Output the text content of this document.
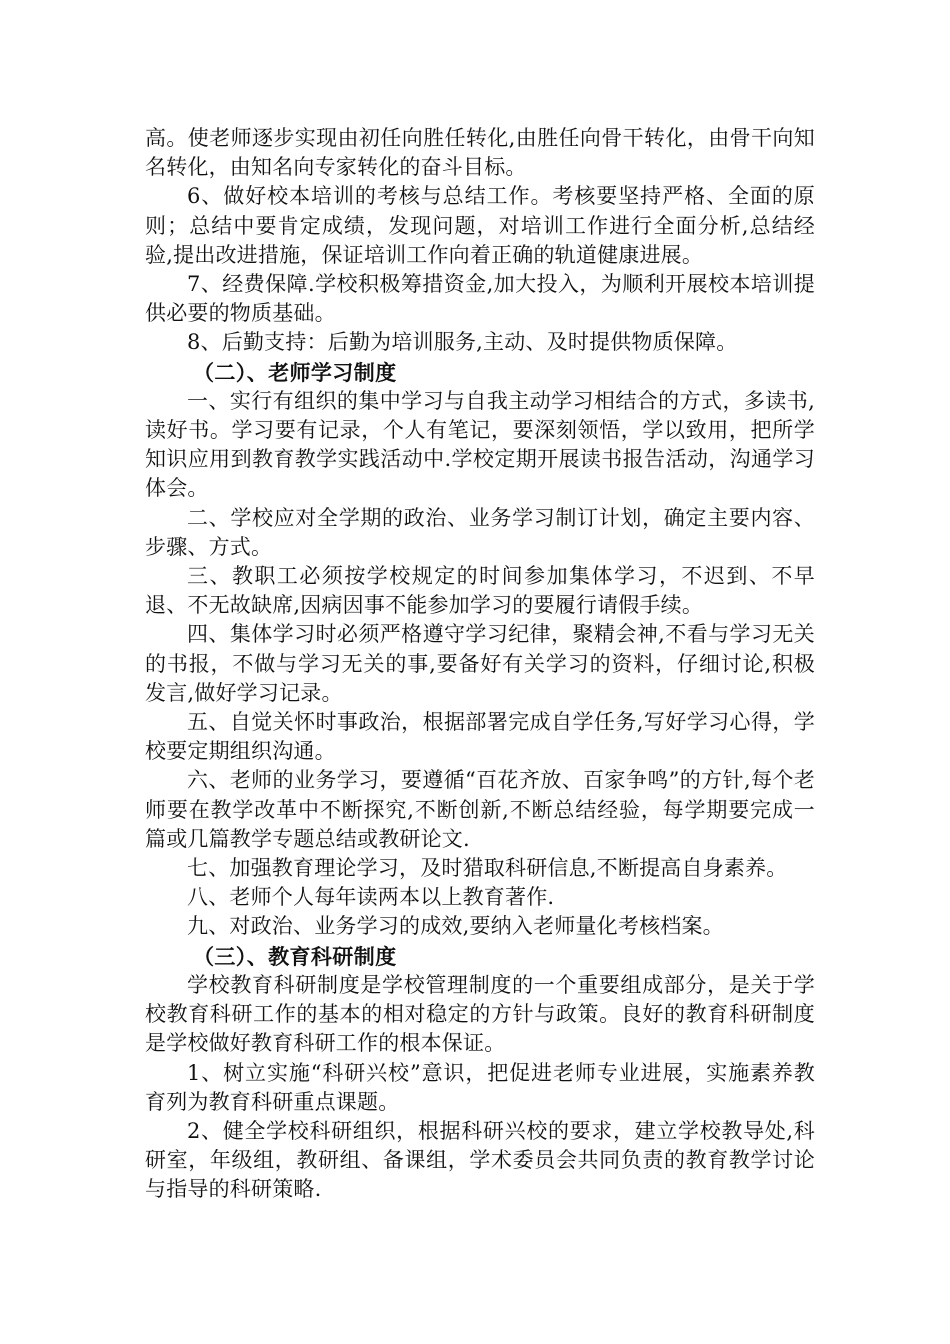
高。使老师逐步实现由初任向胜任转化,由胜任向骨干转化，由骨干向知名转化，由知名向专家转化的奋斗目标。

6、做好校本培训的考核与总结工作。考核要坚持严格、全面的原则；总结中要肯定成绩，发现问题，对培训工作进行全面分析,总结经验,提出改进措施，保证培训工作向着正确的轨道健康进展。

7、经费保障.学校积极筹措资金,加大投入，为顺利开展校本培训提供必要的物质基础。

8、后勤支持：后勤为培训服务,主动、及时提供物质保障。

（二）、老师学习制度

一、实行有组织的集中学习与自我主动学习相结合的方式，多读书,读好书。学习要有记录，个人有笔记，要深刻领悟，学以致用，把所学知识应用到教育教学实践活动中.学校定期开展读书报告活动，沟通学习体会。

二、学校应对全学期的政治、业务学习制订计划，确定主要内容、步骤、方式。

三、教职工必须按学校规定的时间参加集体学习，不迟到、不早退、不无故缺席,因病因事不能参加学习的要履行请假手续。

四、集体学习时必须严格遵守学习纪律，聚精会神,不看与学习无关的书报，不做与学习无关的事,要备好有关学习的资料，仔细讨论,积极发言,做好学习记录。

五、自觉关怀时事政治，根据部署完成自学任务,写好学习心得，学校要定期组织沟通。

六、老师的业务学习，要遵循“百花齐放、百家争鸣”的方针,每个老师要在教学改革中不断探究,不断创新,不断总结经验，每学期要完成一篇或几篇教学专题总结或教研论文.

七、加强教育理论学习，及时猎取科研信息,不断提高自身素养。

八、老师个人每年读两本以上教育著作.

九、对政治、业务学习的成效,要纳入老师量化考核档案。

（三）、教育科研制度

学校教育科研制度是学校管理制度的一个重要组成部分，是关于学校教育科研工作的基本的相对稳定的方针与政策。良好的教育科研制度是学校做好教育科研工作的根本保证。

1、树立实施“科研兴校”意识，把促进老师专业进展，实施素养教育列为教育科研重点课题。

2、健全学校科研组织，根据科研兴校的要求，建立学校教导处,科研室，年级组，教研组、备课组，学术委员会共同负责的教育教学讨论与指导的科研策略.
